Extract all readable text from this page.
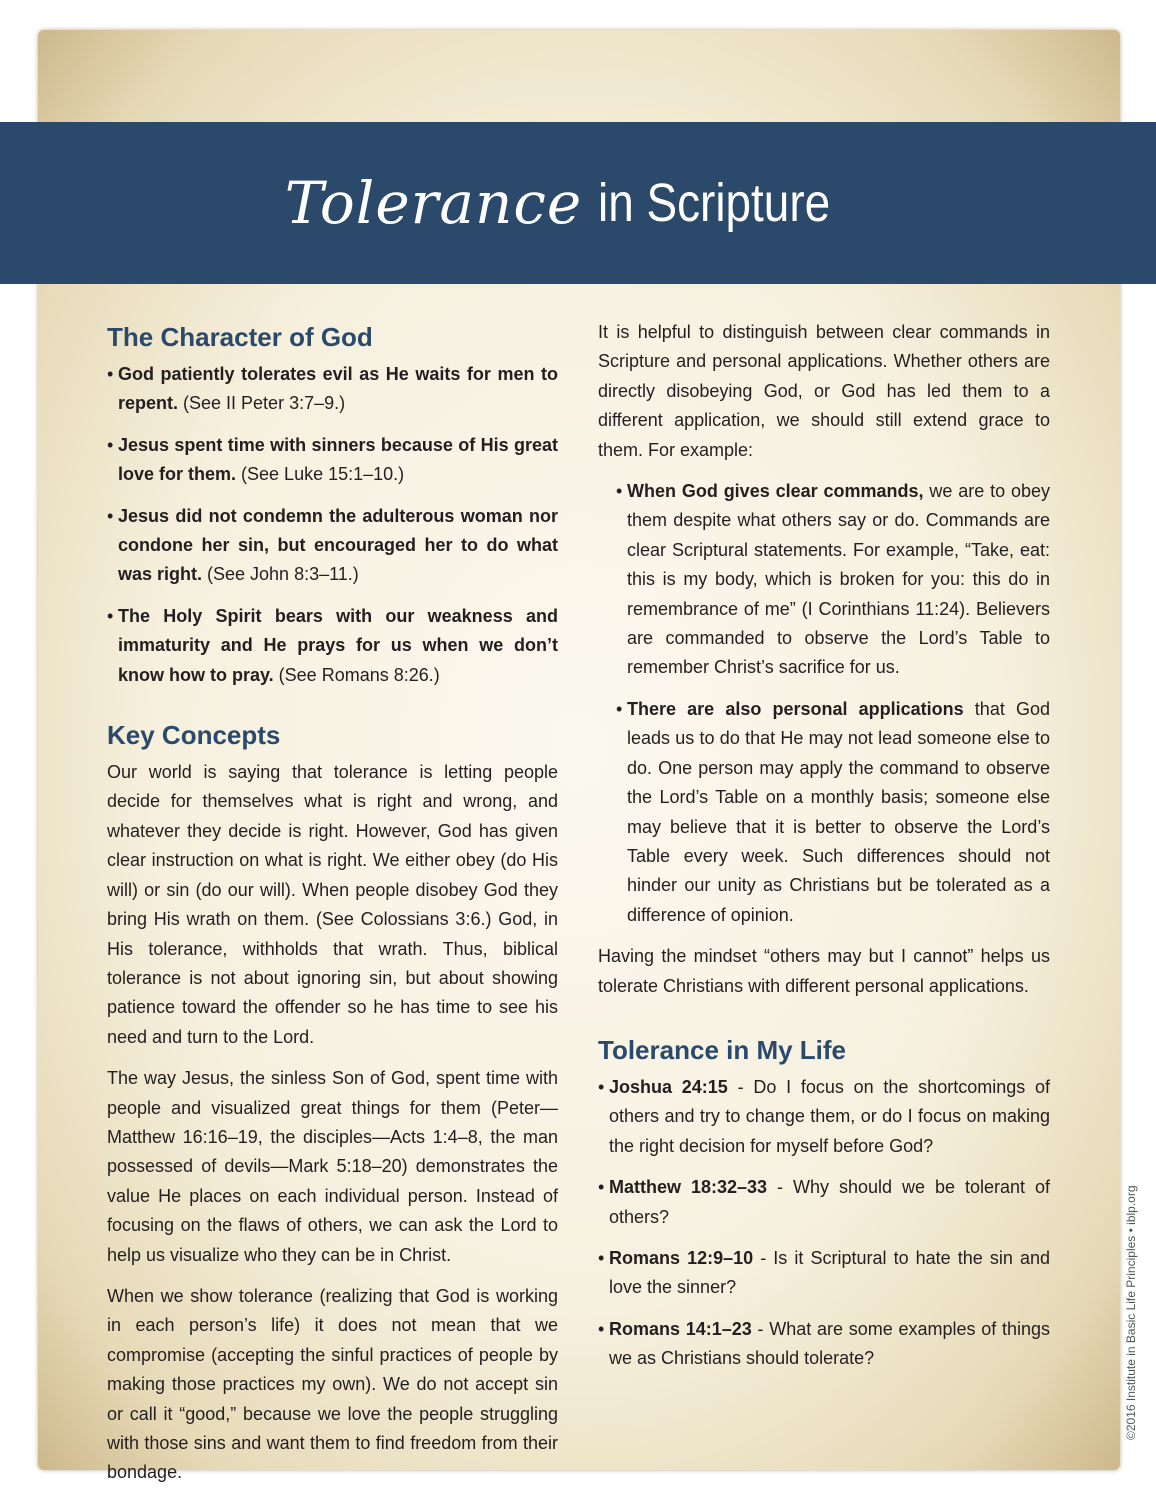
Tolerance in Scripture
The Character of God
• God patiently tolerates evil as He waits for men to repent. (See II Peter 3:7–9.)
• Jesus spent time with sinners because of His great love for them. (See Luke 15:1–10.)
• Jesus did not condemn the adulterous woman nor condone her sin, but encouraged her to do what was right. (See John 8:3–11.)
• The Holy Spirit bears with our weakness and immaturity and He prays for us when we don’t know how to pray. (See Romans 8:26.)
Key Concepts

Our world is saying that tolerance is letting people decide for themselves what is right and wrong, and whatever they decide is right. However, God has given clear instruction on what is right. We either obey (do His will) or sin (do our will). When people disobey God they bring His wrath on them. (See Colossians 3:6.) God, in His tolerance, withholds that wrath. Thus, biblical tolerance is not about ignoring sin, but about showing patience toward the offender so he has time to see his need and turn to the Lord.

The way Jesus, the sinless Son of God, spent time with people and visualized great things for them (Peter—Matthew 16:16–19, the disciples—Acts 1:4–8, the man possessed of devils—Mark 5:18–20) demonstrates the value He places on each individual person. Instead of focusing on the flaws of others, we can ask the Lord to help us visualize who they can be in Christ.

When we show tolerance (realizing that God is working in each person’s life) it does not mean that we compromise (accepting the sinful practices of people by making those practices my own). We do not accept sin or call it “good,” because we love the people struggling with those sins and want them to find freedom from their bondage.

It is helpful to distinguish between clear commands in Scripture and personal applications. Whether others are directly disobeying God, or God has led them to a different application, we should still extend grace to them. For example:

• When God gives clear commands, we are to obey them despite what others say or do. Commands are clear Scriptural statements. For example, “Take, eat: this is my body, which is broken for you: this do in remembrance of me” (I Corinthians 11:24). Believers are commanded to observe the Lord’s Table to remember Christ’s sacrifice for us.
• There are also personal applications that God leads us to do that He may not lead someone else to do. One person may apply the command to observe the Lord’s Table on a monthly basis; someone else may believe that it is better to observe the Lord’s Table every week. Such differences should not hinder our unity as Christians but be tolerated as a difference of opinion.

Having the mindset “others may but I cannot” helps us tolerate Christians with different personal applications.

Tolerance in My Life
• Joshua 24:15 - Do I focus on the shortcomings of others and try to change them, or do I focus on making the right decision for myself before God?
• Matthew 18:32–33 - Why should we be tolerant of others?
• Romans 12:9–10 - Is it Scriptural to hate the sin and love the sinner?
• Romans 14:1–23 - What are some examples of things we as Christians should tolerate?	©2016 Institute in Basic Life Principles • iblp.org
